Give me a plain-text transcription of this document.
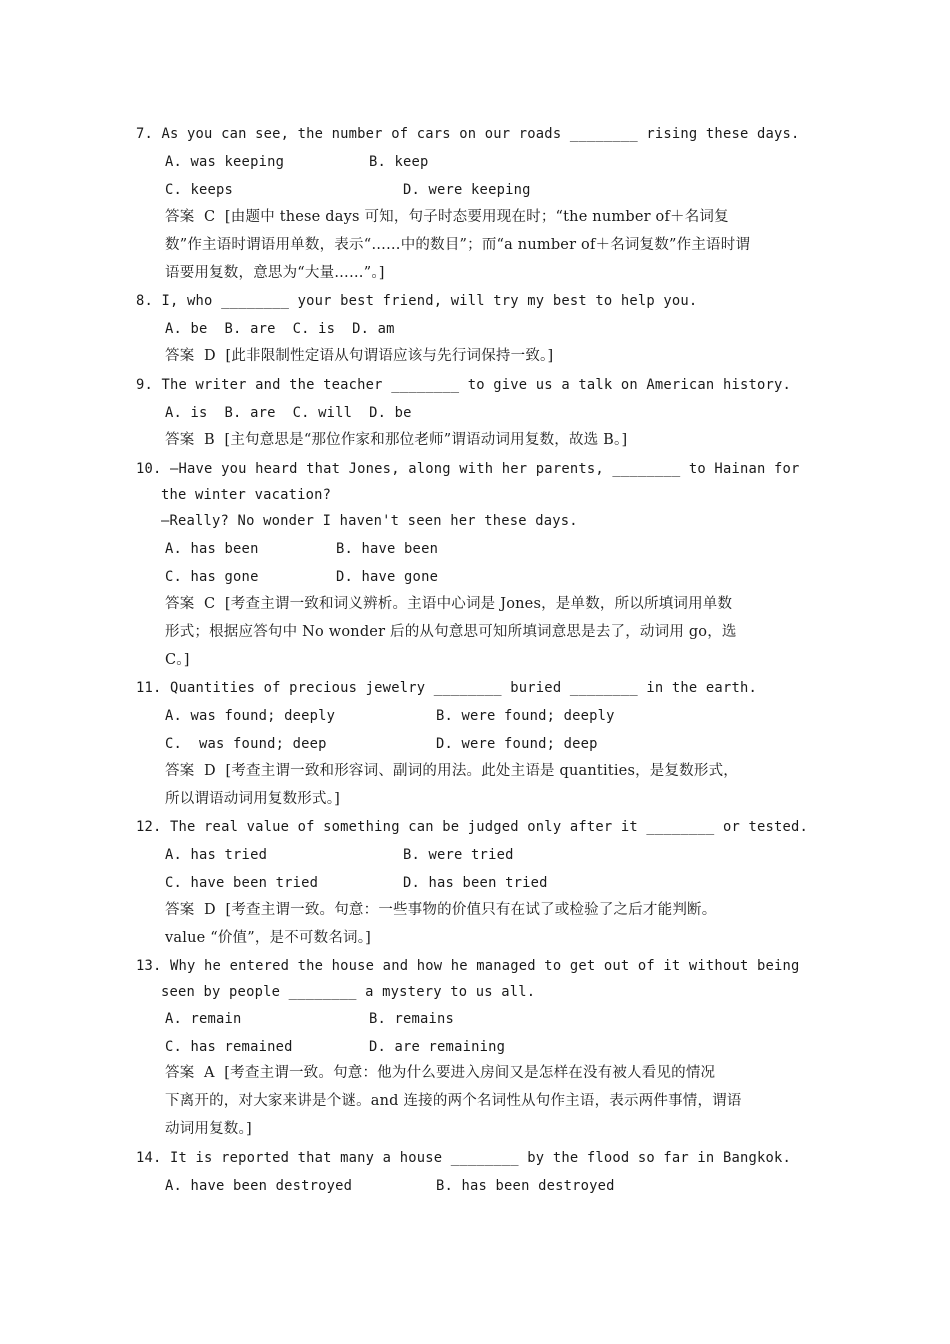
7. As you can see, the number of cars on our roads ________ rising these days.
A. was keeping	B. keep
C. keeps	D. were keeping
答案  C  [由题中 these days 可知，句子时态要用现在时；“the number of＋名词复
数”作主语时谓语用单数，表示“……中的数目”；而“a number of＋名词复数”作主语时谓
语要用复数，意思为“大量……”。]
8. I, who ________ your best friend, will try my best to help you.
A. be  B. are  C. is  D. am
答案  D  [此非限制性定语从句谓语应该与先行词保持一致。]
9. The writer and the teacher ________ to give us a talk on American history.
A. is  B. are  C. will  D. be
答案  B  [主句意思是“那位作家和那位老师”谓语动词用复数，故选 B。]
10. —Have you heard that Jones, along with her parents, ________ to Hainan for
the winter vacation?
—Really? No wonder I haven't seen her these days.
A. has been	B. have been
C. has gone	D. have gone
答案  C  [考查主谓一致和词义辨析。主语中心词是 Jones，是单数，所以所填词用单数
形式；根据应答句中 No wonder 后的从句意思可知所填词意思是去了，动词用 go，选
C。]
11. Quantities of precious jewelry ________ buried ________ in the earth.
A. was found; deeply	B. were found; deeply
C.  was found; deep	D. were found; deep
答案  D  [考查主谓一致和形容词、副词的用法。此处主语是 quantities，是复数形式，
所以谓语动词用复数形式。]
12. The real value of something can be judged only after it ________ or tested.
A. has tried	B. were tried
C. have been tried	D. has been tried
答案  D  [考查主谓一致。句意：一些事物的价值只有在试了或检验了之后才能判断。
value “价值”，是不可数名词。]
13. Why he entered the house and how he managed to get out of it without being
seen by people ________ a mystery to us all.
A. remain	B. remains
C. has remained	D. are remaining
答案  A  [考查主谓一致。句意：他为什么要进入房间又是怎样在没有被人看见的情况
下离开的，对大家来讲是个谜。and 连接的两个名词性从句作主语，表示两件事情，谓语
动词用复数。]
14. It is reported that many a house ________ by the flood so far in Bangkok.
A. have been destroyed	B. has been destroyed
